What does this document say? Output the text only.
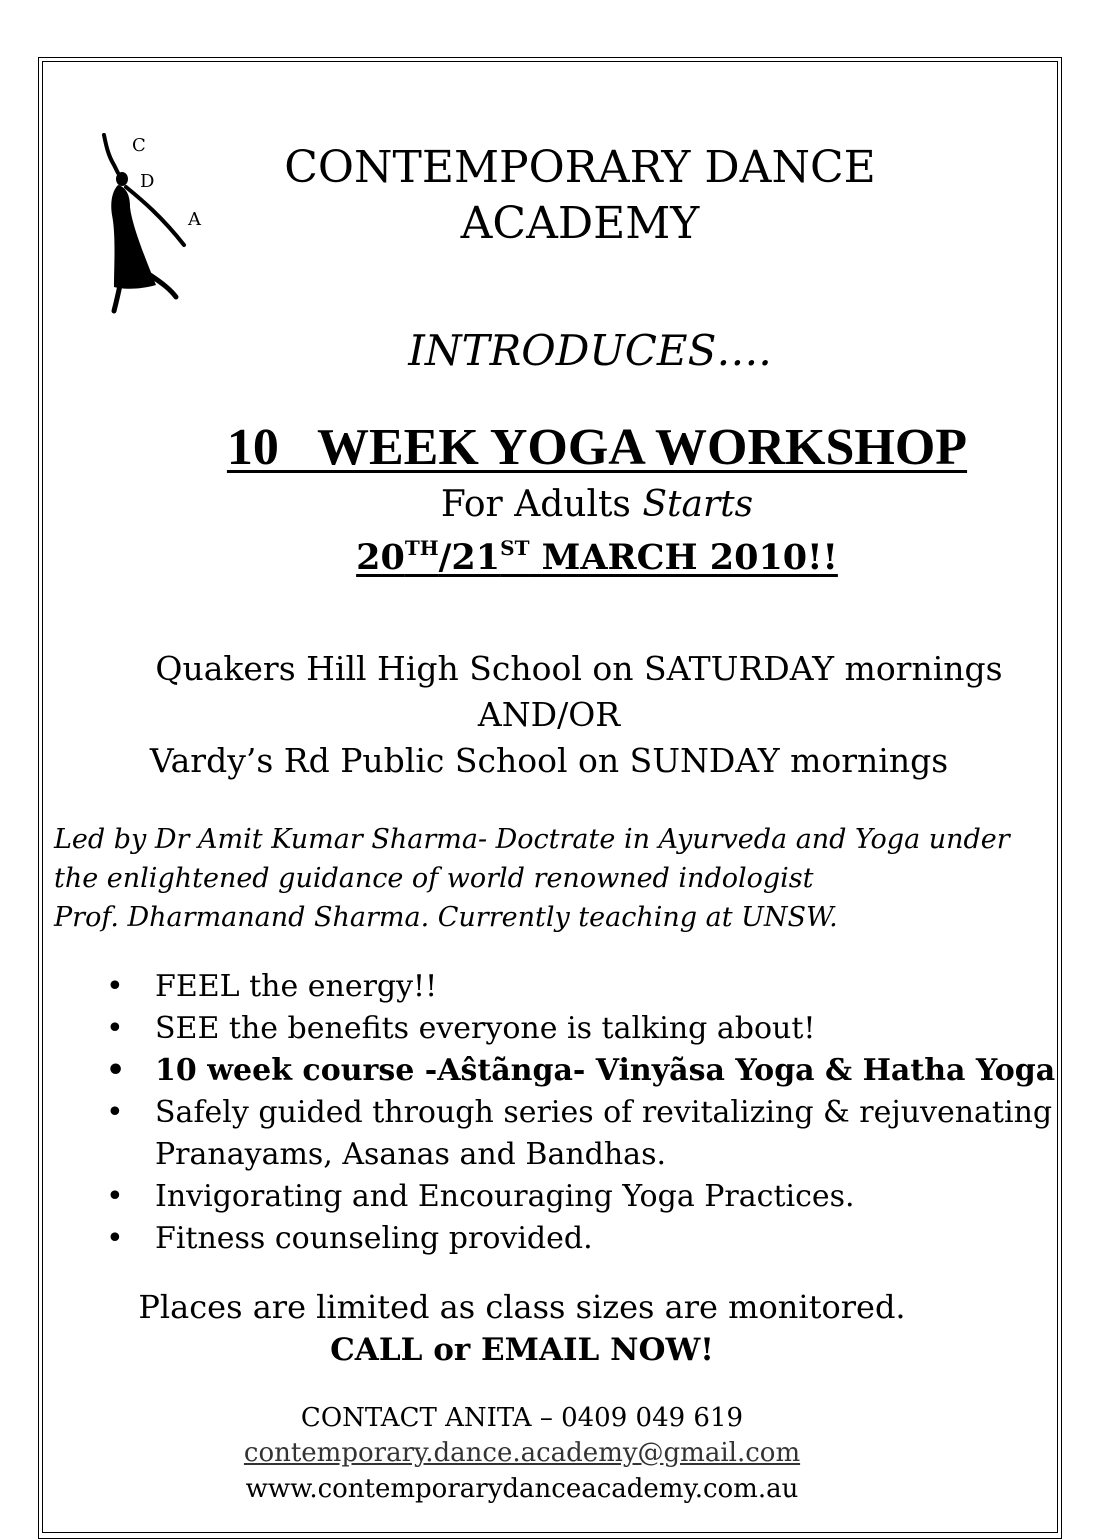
C
D
A
CONTEMPORARY DANCE
ACADEMY
INTRODUCES….
10   WEEK YOGA WORKSHOP
For Adults Starts
20TH/21ST MARCH 2010!!
Quakers Hill High School on SATURDAY mornings
AND/OR
Vardy’s Rd Public School on SUNDAY mornings
Led by Dr Amit Kumar Sharma- Doctrate in Ayurveda and Yoga under
the enlightened guidance of world renowned indologist
Prof. Dharmanand Sharma. Currently teaching at UNSW.
• FEEL the energy!!
• SEE the benefits everyone is talking about!
• 10 week course -Aŝtãnga- Vinyãsa Yoga & Hatha Yoga
• Safely guided through series of revitalizing & rejuvenating
Pranayams, Asanas and Bandhas.
• Invigorating and Encouraging Yoga Practices.
• Fitness counseling provided.
Places are limited as class sizes are monitored.
CALL or EMAIL NOW!
CONTACT ANITA – 0409 049 619
contemporary.dance.academy@gmail.com
www.contemporarydanceacademy.com.au
